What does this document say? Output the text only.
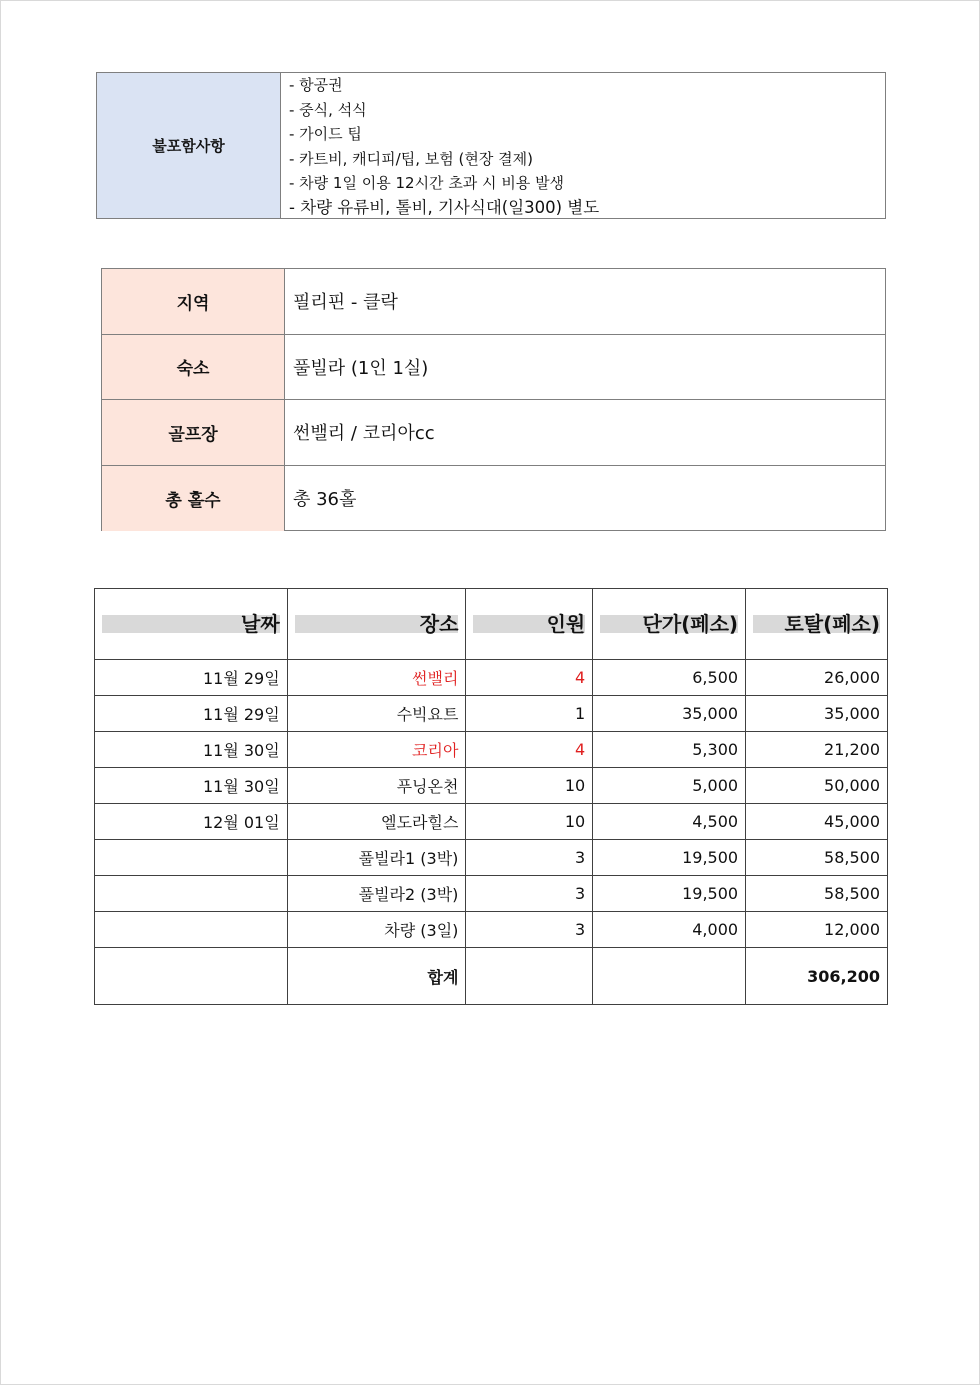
불포함사항
- 항공권
- 중식, 석식
- 가이드 팁
- 카트비, 캐디피/팁, 보험 (현장 결제)
- 차량 1일 이용 12시간 초과 시 비용 발생
- 차량 유류비, 톨비, 기사식대(일300) 별도
지역	필리핀 - 클락
숙소	풀빌라 (1인 1실)
골프장	썬밸리 / 코리아cc
총 홀수	총 36홀
날짜	장소	인원	단가(페소)	토탈(페소)

11월 29일	썬밸리	4	6,500	26,000
11월 29일	수빅요트	1	35,000	35,000
11월 30일	코리아	4	5,300	21,200
11월 30일	푸닝온천	10	5,000	50,000
12월 01일	엘도라힐스	10	4,500	45,000
	풀빌라1 (3박)	3	19,500	58,500
	풀빌라2 (3박)	3	19,500	58,500
	차량 (3일)	3	4,000	12,000
	합계			306,200
